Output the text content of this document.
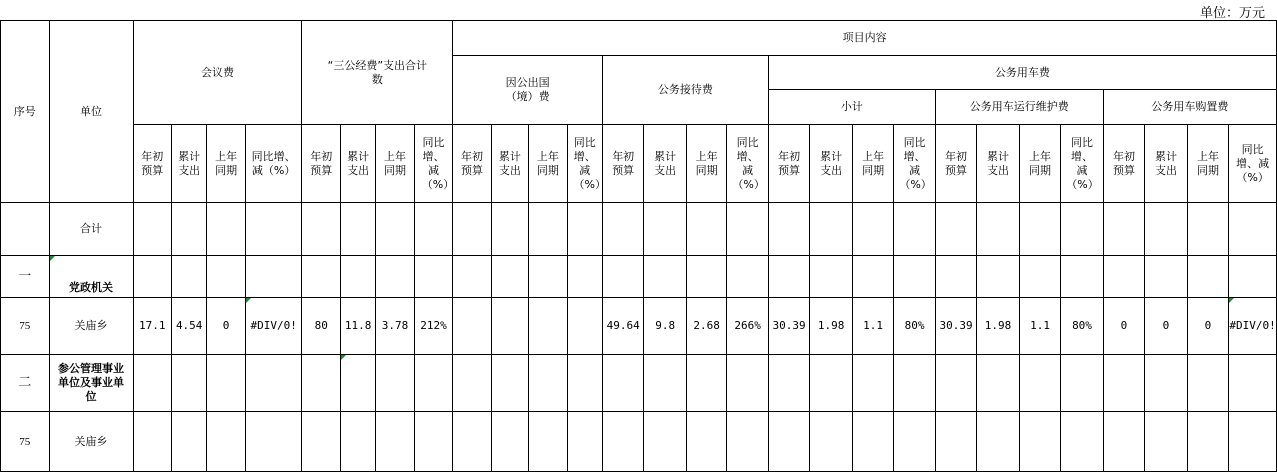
单位：万元
序号	单位	会议费				“三公经费”支出合计数				项目内容																			
										因公出国（境）费				公务接待费				公务用车费											
																		小计				公务用车运行维护费				公务用车购置费			
		年初预算	累计支出	上年同期	同比增、减（%）	年初预算	累计支出	上年同期	同比增、减（%）	年初预算	累计支出	上年同期	同比增、减（%）	年初预算	累计支出	上年同期	同比增、减（%）	年初预算	累计支出	上年同期	同比增、减（%）	年初预算	累计支出	上年同期	同比增、减（%）	年初预算	累计支出	上年同期	同比增、减（%）
	合计																												
一	党政机关																												
75	关庙乡	17.1	4.54	0	#DIV/0!	80	11.8	3.78	212%					49.64	9.8	2.68	266%	30.39	1.98	1.1	80%	30.39	1.98	1.1	80%	0	0	0	#DIV/0!
二	参公管理事业单位及事业单位						

75	关庙乡																												
